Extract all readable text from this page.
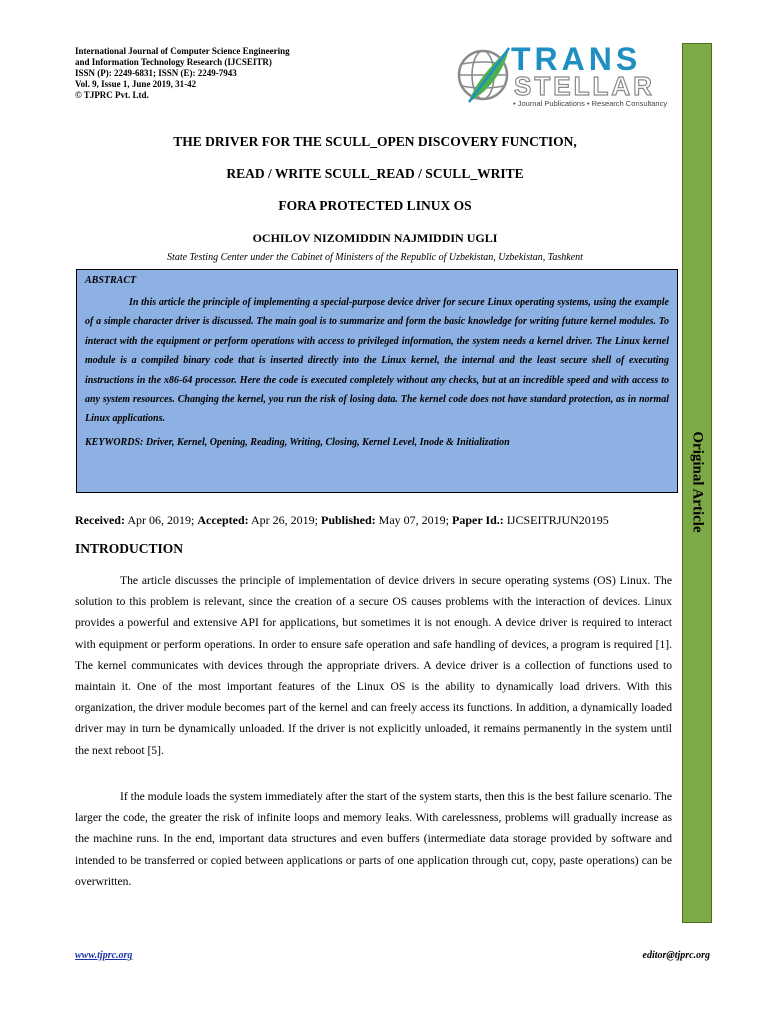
International Journal of Computer Science Engineering
and Information Technology Research (IJCSEITR)
ISSN (P): 2249-6831; ISSN (E): 2249-7943
Vol. 9, Issue 1, June 2019, 31-42
© TJPRC Pvt. Ltd.
TRANS
STELLAR
• Journal Publications • Research Consultancy
Original Article
THE DRIVER FOR THE SCULL_OPEN DISCOVERY FUNCTION,
READ / WRITE SCULL_READ / SCULL_WRITE
FORA PROTECTED LINUX OS
OCHILOV NIZOMIDDIN NAJMIDDIN UGLI
State Testing Center under the Cabinet of Ministers of the Republic of Uzbekistan, Uzbekistan, Tashkent
ABSTRACT
In this article the principle of implementing a special-purpose device driver for secure Linux operating systems, using the example of a simple character driver is discussed. The main goal is to summarize and form the basic knowledge for writing future kernel modules. To interact with the equipment or perform operations with access to privileged information, the system needs a kernel driver. The Linux kernel module is a compiled binary code that is inserted directly into the Linux kernel, the internal and the least secure shell of executing instructions in the x86-64 processor. Here the code is executed completely without any checks, but at an incredible speed and with access to any system resources. Changing the kernel, you run the risk of losing data. The kernel code does not have standard protection, as in normal Linux applications.
KEYWORDS: Driver, Kernel, Opening, Reading, Writing, Closing, Kernel Level, Inode & Initialization
Received: Apr 06, 2019; Accepted: Apr 26, 2019; Published: May 07, 2019; Paper Id.: IJCSEITRJUN20195
INTRODUCTION
The article discusses the principle of implementation of device drivers in secure operating systems (OS) Linux. The solution to this problem is relevant, since the creation of a secure OS causes problems with the interaction of devices. Linux provides a powerful and extensive API for applications, but sometimes it is not enough. A device driver is required to interact with equipment or perform operations. In order to ensure safe operation and safe handling of devices, a program is required [1]. The kernel communicates with devices through the appropriate drivers. A device driver is a collection of functions used to maintain it. One of the most important features of the Linux OS is the ability to dynamically load drivers. With this organization, the driver module becomes part of the kernel and can freely access its functions. In addition, a dynamically loaded driver may in turn be dynamically unloaded. If the driver is not explicitly unloaded, it remains permanently in the system until the next reboot [5].
If the module loads the system immediately after the start of the system starts, then this is the best failure scenario. The larger the code, the greater the risk of infinite loops and memory leaks. With carelessness, problems will gradually increase as the machine runs. In the end, important data structures and even buffers (intermediate data storage provided by software and intended to be transferred or copied between applications or parts of one application through cut, copy, paste operations) can be overwritten.
www.tjprc.org	editor@tjprc.org
